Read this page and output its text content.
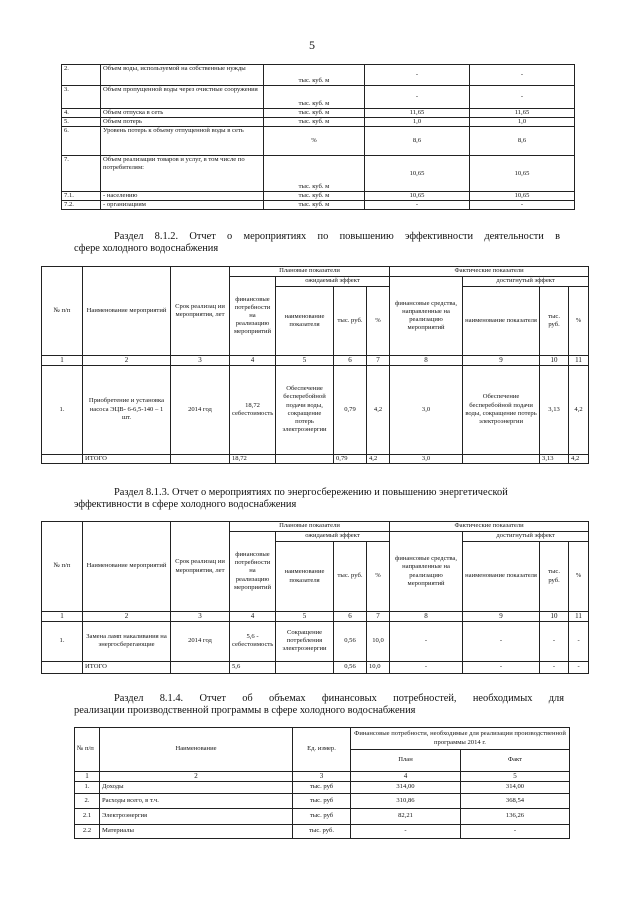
5
2.	Объем воды, используемой на собственные нужды	тыс. куб. м	-	-
3.	Объем пропущенной воды через очистные сооружения	тыс. куб. м	-	-
4.	Объем отпуска в сеть	тыс. куб. м	11,65	11,65
5.	Объем потерь	тыс. куб. м	1,0	1,0
6.	Уровень потерь к объему отпущенной воды в сеть	%	8,6	8,6
7.	Объем реализации товаров и услуг, в том числе по потребителям:	тыс. куб. м	10,65	10,65
7.1.	- населению	тыс. куб. м	10,65	10,65
7.2.	- организациям	тыс. куб. м	-	-
Раздел 8.1.2. Отчет о мероприятиях по повышению эффективности деятельности в
сфере холодного водоснабжения
№ п/п	Наименование мероприятий	Срок реализац ии мероприятия, лет	Плановые показатели				Фактические показатели			
			финансовые потребности на реализацию мероприятий	ожидаемый эффект			финансовые средства, направленные на реализацию мероприятий	достигнутый эффект		
				наименование показателя	тыс. руб.	%		наименование показателя	тыс. руб.	%
1	2	3	4	5	6	7	8	9	10	11
1.	Приобретение и установка насоса ЭЦВ- 6-6,5-140 – 1 шт.	2014 год	18,72 себестоимость	Обеспечение бесперебойной подачи воды, сокращение потерь электроэнергии	0,79	4,2	3,0	Обеспечение бесперебойной подачи воды, сокращение потерь электроэнергии	3,13	4,2
	ИТОГО		18,72		0,79	4,2	3,0		3,13	4,2
Раздел 8.1.3. Отчет о мероприятиях по энергосбережению и повышению энергетической
эффективности в сфере холодного водоснабжения
№ п/п	Наименование мероприятий	Срок реализац ии мероприятия, лет	Плановые показатели				Фактические показатели			
			финансовые потребности на реализацию мероприятий	ожидаемый эффект			финансовые средства, направленные на реализацию мероприятий	достигнутый эффект		
				наименование показателя	тыс. руб.	%		наименование показателя	тыс. руб.	%
1	2	3	4	5	6	7	8	9	10	11
1.	Замена ламп накаливания на энергосберегающие	2014 год	5,6 - себестоимость	Сокращение потребления электроэнергии	0,56	10,0	-	-	-	-
	ИТОГО		5,6		0,56	10,0	-	-	-	-
Раздел 8.1.4. Отчет об объемах финансовых потребностей, необходимых для
реализации производственной программы в сфере холодного водоснабжения
№ п/п	Наименование	Ед. измер.	Финансовые потребности, необходимые для реализации производственной программы 2014 г.	
			План	Факт
1	2	3	4	5
1.	Доходы	тыс. руб	314,00	314,00
2.	Расходы всего, в т.ч.	тыс. руб	310,86	368,54
2.1	Электроэнергия	тыс. руб	82,21	136,26
2.2	Материалы	тыс. руб.	-	-
